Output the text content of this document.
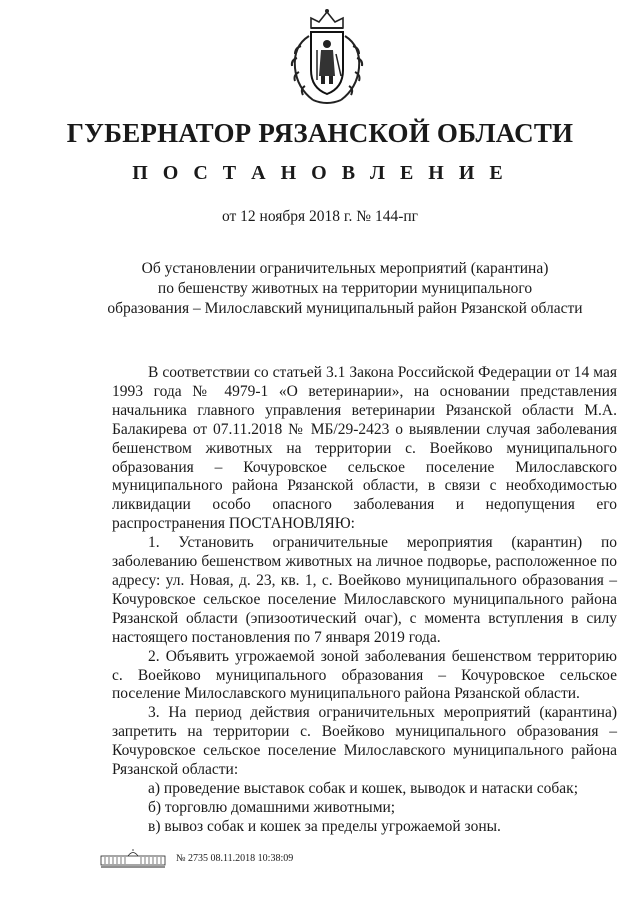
ГУБЕРНАТОР РЯЗАНСКОЙ ОБЛАСТИ
П О С Т А Н О В Л Е Н И Е
от 12 ноября 2018 г. № 144-пг
Об установлении ограничительных мероприятий (карантина)
по бешенству животных на территории муниципального
образования – Милославский муниципальный район Рязанской области

В соответствии со статьей 3.1 Закона Российской Федерации от 14 мая 1993 года № 4979-1 «О ветеринарии», на основании представления начальника главного управления ветеринарии Рязанской области М.А. Балакирева от 07.11.2018 № МБ/29-2423 о выявлении случая заболевания бешенством животных на территории с. Воейково муниципального образования – Кочуровское сельское поселение Милославского муниципального района Рязанской области, в связи с необходимостью ликвидации особо опасного заболевания и недопущения его распространения ПОСТАНОВЛЯЮ:

1. Установить ограничительные мероприятия (карантин) по заболеванию бешенством животных на личное подворье, расположенное по адресу: ул. Новая, д. 23, кв. 1, с. Воейково муниципального образования – Кочуровское сельское поселение Милославского муниципального района Рязанской области (эпизоотический очаг), с момента вступления в силу настоящего постановления по 7 января 2019 года.

2. Объявить угрожаемой зоной заболевания бешенством территорию с. Воейково муниципального образования – Кочуровское сельское поселение Милославского муниципального района Рязанской области.

3. На период действия ограничительных мероприятий (карантина) запретить на территории с. Воейково муниципального образования – Кочуровское сельское поселение Милославского муниципального района Рязанской области:

а) проведение выставок собак и кошек, выводок и натаски собак;

б) торговлю домашними животными;

в) вывоз собак и кошек за пределы угрожаемой зоны.

№ 2735 08.11.2018 10:38:09
